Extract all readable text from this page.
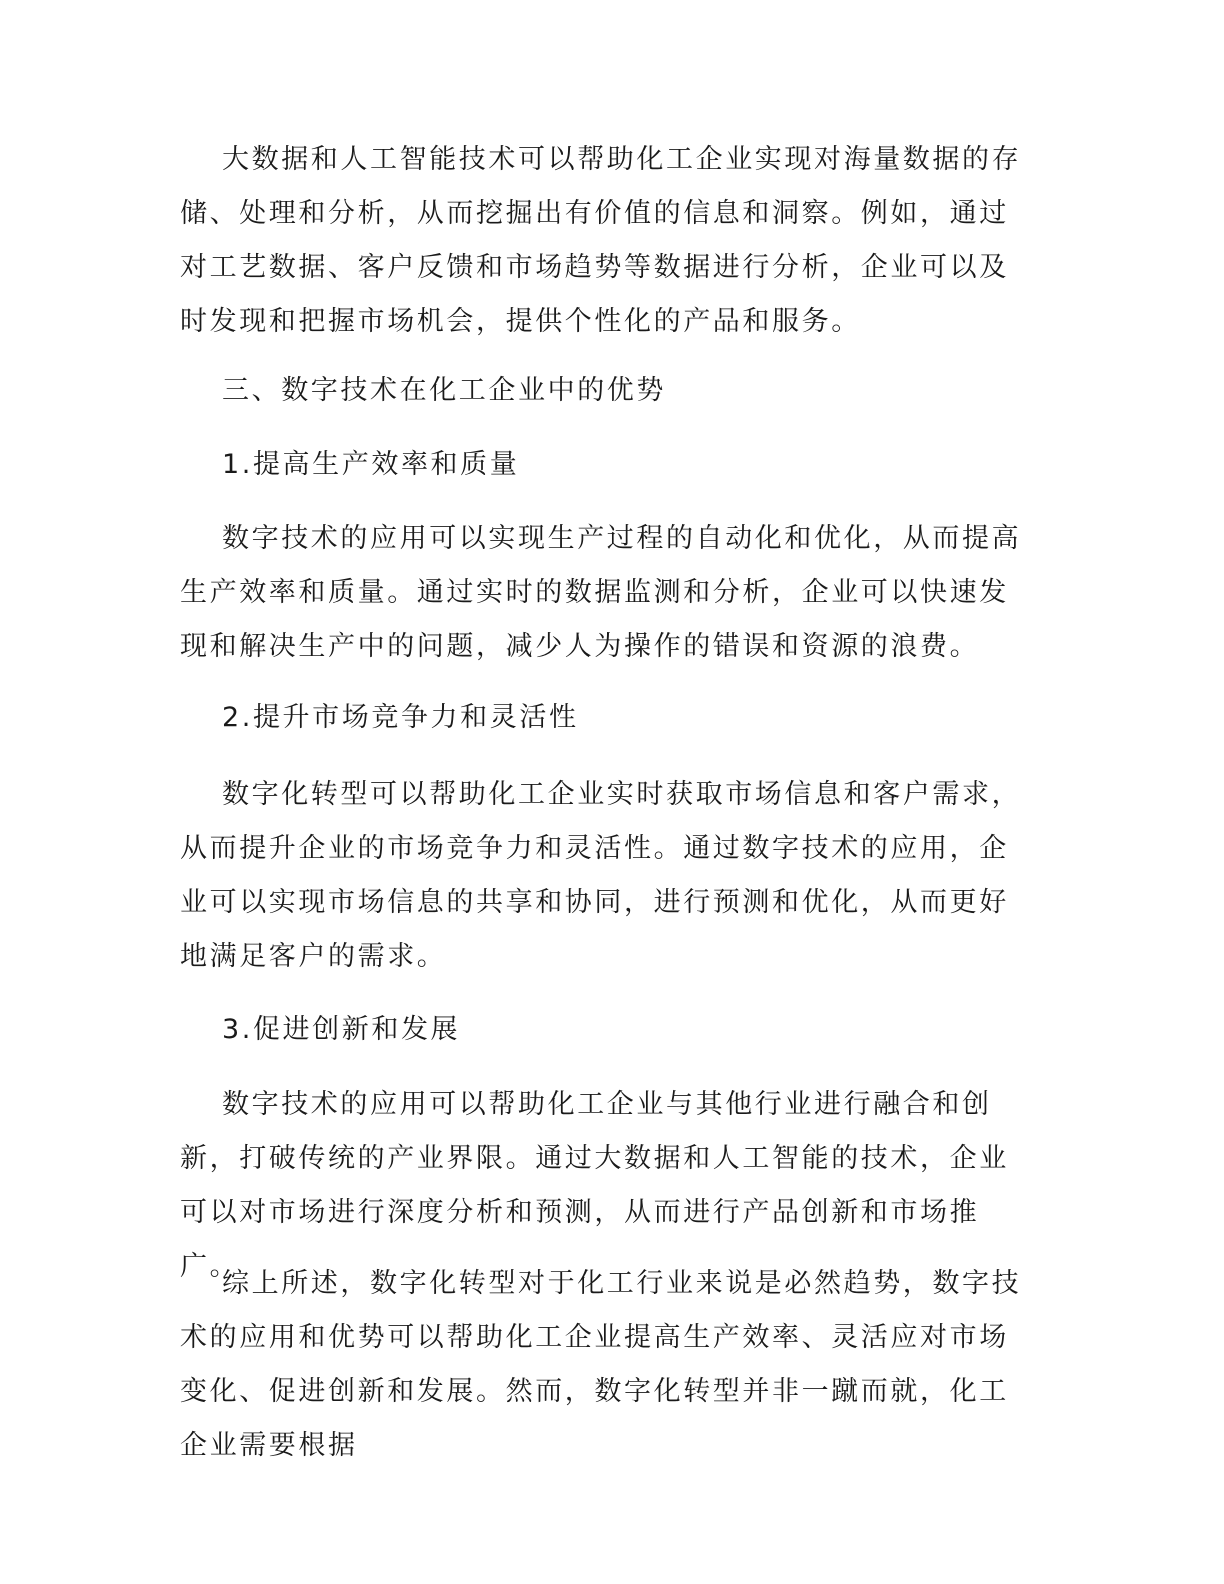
大数据和人工智能技术可以帮助化工企业实现对海量数据的存储、处理和分析，从而挖掘出有价值的信息和洞察。例如，通过对工艺数据、客户反馈和市场趋势等数据进行分析，企业可以及时发现和把握市场机会，提供个性化的产品和服务。

三、数字技术在化工企业中的优势

1.提高生产效率和质量

数字技术的应用可以实现生产过程的自动化和优化，从而提高生产效率和质量。通过实时的数据监测和分析，企业可以快速发现和解决生产中的问题，减少人为操作的错误和资源的浪费。

2.提升市场竞争力和灵活性

数字化转型可以帮助化工企业实时获取市场信息和客户需求，从而提升企业的市场竞争力和灵活性。通过数字技术的应用，企业可以实现市场信息的共享和协同，进行预测和优化，从而更好地满足客户的需求。

3.促进创新和发展

数字技术的应用可以帮助化工企业与其他行业进行融合和创新，打破传统的产业界限。通过大数据和人工智能的技术，企业可以对市场进行深度分析和预测，从而进行产品创新和市场推广。

综上所述，数字化转型对于化工行业来说是必然趋势，数字技术的应用和优势可以帮助化工企业提高生产效率、灵活应对市场变化、促进创新和发展。然而，数字化转型并非一蹴而就，化工企业需要根据
